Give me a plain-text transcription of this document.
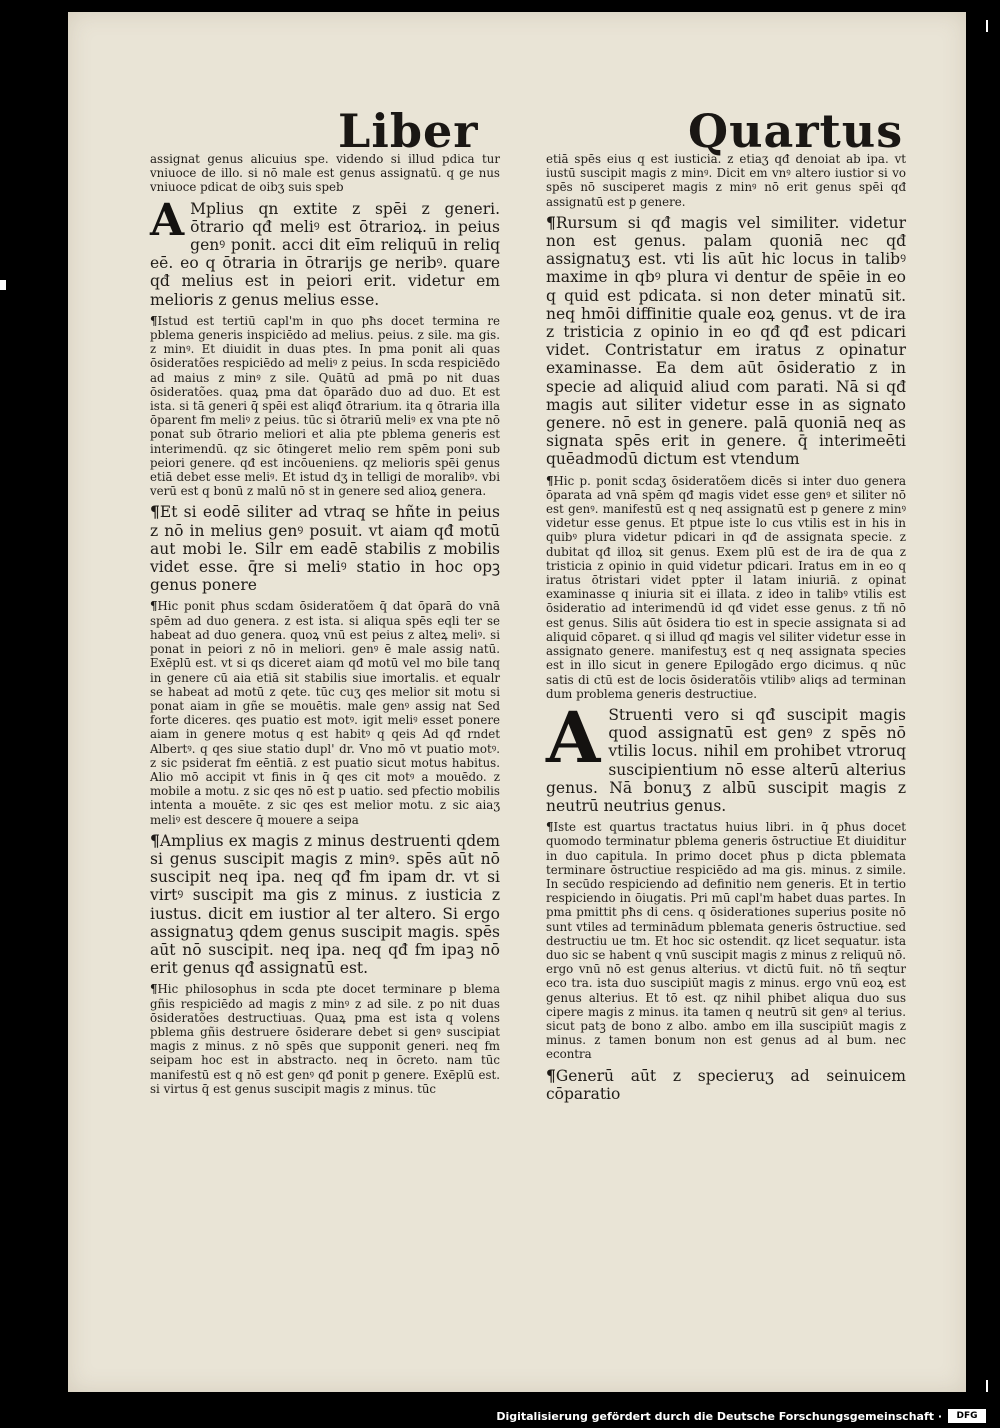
Liber	Quartus

assignat genus alicuius spe. videndo si illud pdica tur vniuoce de illo. si nō male est genus assignatū. q ge nus vniuoce pdicat de oibʒ suis speb

A Mplius qn extite z spēi z generi. ōtrario qđ meliꝰ est ōtrarioꝝ. in peius genꝰ ponit. acci dit eīm reliquū in reliq eē. eo q ōtraria in ōtrarijs ge neribꝰ. quare qđ melius est in peiori erit. videtur em melioris z genus melius esse.

¶Istud est tertiū capl'm in quo pħs docet termina re pblema generis inspiciēdo ad melius. peius. z sile. ma gis. z minꝰ. Et diuidit in duas ptes. In pma ponit ali quas ōsideratões respiciēdo ad meliꝰ z peius. In scda respiciēdo ad maius z minꝰ z sile. Quātū ad pmā po nit duas ōsideratões. quaꝝ pma dat ōparādo duo ad duo. Et est ista. si tā generi q̄ spēi est aliqđ ōtrarium. ita q ōtraria illa ōparent fm meliꝰ z peius. tūc si ōtrariū meliꝰ ex vna pte nō ponat sub ōtrario meliori et alia pte pblema generis est interimendū. qz sic ōtingeret melio rem spēm poni sub peiori genere. qđ est incōueniens. qz melioris spēi genus etiā debet esse meliꝰ. Et istud dʒ in telligi de moralibꝰ. vbi verū est q bonū z malū nō st in genere sed alioꝝ genera.

¶Et si eodē siliter ad vtraq se hñte in peius z nō in melius genꝰ posuit. vt aiam qđ motū aut mobi le. Silr em eadē stabilis z mobilis videt esse. q̄re si meliꝰ statio in hoc opꝫ genus ponere

¶Hic ponit pħus scdam ōsideratõem q̄ dat ōparā do vnā spēm ad duo genera. z est ista. si aliqua spēs eqli ter se habeat ad duo genera. quoꝝ vnū est peius z alteꝝ meliꝰ. si ponat in peiori z nō in meliori. genꝰ ē male assig natū. Exēplū est. vt si qs diceret aiam qđ motū vel mo bile tanq in genere cū aia etiā sit stabilis siue imortalis. et equalr se habeat ad motū z qete. tūc cuʒ qes melior sit motu si ponat aiam in gñe se mouētis. male genꝰ assig nat Sed forte diceres. qes puatio est motꝰ. igit meliꝰ esset ponere aiam in genere motus q est habitꝰ q qeis Ad qđ rndet Albertꝰ. q qes siue statio dupl' dr. Vno mō vt puatio motꝰ. z sic psiderat fm eēntiā. z est puatio sicut motus habitus. Alio mō accipit vt finis in q̄ qes cit motꝰ a mouēdo. z mobile a motu. z sic qes nō est p uatio. sed pfectio mobilis intenta a mouēte. z sic qes est melior motu. z sic aiaʒ meliꝰ est descere q̄ mouere a seipa

¶Amplius ex magis z minus destruenti qdem si genus suscipit magis z minꝰ. spēs aūt nō suscipit neq ipa. neq qđ fm ipam dr. vt si virtꝰ suscipit ma gis z minus. z iusticia z iustus. dicit em iustior al ter altero. Si ergo assignatuꝫ qdem genus suscipit magis. spēs aūt nō suscipit. neq ipa. neq qđ fm ipaꝫ nō erit genus qđ assignatū est.

¶Hic philosophus in scda pte docet terminare p blema gñis respiciēdo ad magis z minꝰ z ad sile. z po nit duas ōsideratões destructiuas. Quaꝝ pma est ista q volens pblema gñis destruere ōsiderare debet si genꝰ suscipiat magis z minus. z nō spēs que supponit generi. neq fm seipam hoc est in abstracto. neq in ōcreto. nam tūc manifestū est q nō est genꝰ qđ ponit p genere. Exēplū est. si virtus q̄ est genus suscipit magis z minus. tūc

etiā spēs eius q est iusticia. z etiaʒ qđ denoiat ab ipa. vt iustū suscipit magis z minꝰ. Dicit em vnꝰ altero iustior si vo spēs nō susciperet magis z minꝰ nō erit genus spēi qđ assignatū est p genere.

¶Rursum si qđ magis vel similiter. videtur non est genus. palam quoniā nec qđ assignatuʒ est. vti lis aūt hic locus in talibꝰ maxime in qbꝰ plura vi dentur de spēie in eo q quid est pdicata. si non deter minatū sit. neq hmōi diffinitie quale eoꝝ genus. vt de ira z tristicia z opinio in eo qđ qđ est pdicari videt. Contristatur em iratus z opinatur examinasse. Ea dem aūt ōsideratio z in specie ad aliquid aliud com parati. Nā si qđ magis aut siliter videtur esse in as signato genere. nō est in genere. palā quoniā neq as signata spēs erit in genere. q̄ interimeēti quēadmodū dictum est vtendum

¶Hic p. ponit scdaʒ ōsideratõem dicēs si inter duo genera ōparata ad vnā spēm qđ magis videt esse genꝰ et siliter nō est genꝰ. manifestū est q neq assignatū est p genere z minꝰ videtur esse genus. Et ptpue iste lo cus vtilis est in his in quibꝰ plura videtur pdicari in qđ de assignata specie. z dubitat qđ illoꝝ sit genus. Exem plū est de ira de qua z tristicia z opinio in quid videtur pdicari. Iratus em in eo q iratus ōtristari videt ppter il latam iniuriā. z opinat examinasse q iniuria sit ei illata. z ideo in talibꝰ vtilis est ōsideratio ad interimendū id qđ videt esse genus. z tñ nō est genus. Silis aūt ōsidera tio est in specie assignata si ad aliquid cōparet. q si illud qđ magis vel siliter videtur esse in assignato genere. manifestuʒ est q neq assignata species est in illo sicut in genere Epilogādo ergo dicimus. q nūc satis di ctū est de locis ōsideratõis vtilibꝰ aliqs ad terminan dum problema generis destructiue.

A Struenti vero si qđ suscipit magis quod assignatū est genꝰ z spēs nō vtilis locus. nihil em prohibet vtroruq suscipientium nō esse alterū alterius genus. Nā bonuʒ z albū suscipit magis z neutrū neutrius genus.

¶Iste est quartus tractatus huius libri. in q̄ pħus docet quomodo terminatur pblema generis ōstructiue Et diuiditur in duo capitula. In primo docet pħus p dicta pblemata terminare ōstructiue respiciēdo ad ma gis. minus. z simile. In secūdo respiciendo ad definitio nem generis. Et in tertio respiciendo in ōiugatis. Pri mū capl'm habet duas partes. In pma pmittit pħs di cens. q ōsiderationes superius posite nō sunt vtiles ad terminādum pblemata generis ōstructiue. sed destructiu ue tm. Et hoc sic ostendit. qz licet sequatur. ista duo sic se habent q vnū suscipit magis z minus z reliquū nō. ergo vnū nō est genus alterius. vt dictū fuit. nō tñ seqtur eco tra. ista duo suscipiūt magis z minus. ergo vnū eoꝝ est genus alterius. Et tō est. qz nihil phibet aliqua duo sus cipere magis z minus. ita tamen q neutrū sit genꝰ al terius. sicut patꝫ de bono z albo. ambo em illa suscipiūt magis z minus. z tamen bonum non est genus ad al bum. nec econtra

¶Generū aūt z specieruʒ ad seinuicem cōparatio

Digitalisierung gefördert durch die Deutsche Forschungsgemeinschaft ·	DFG
